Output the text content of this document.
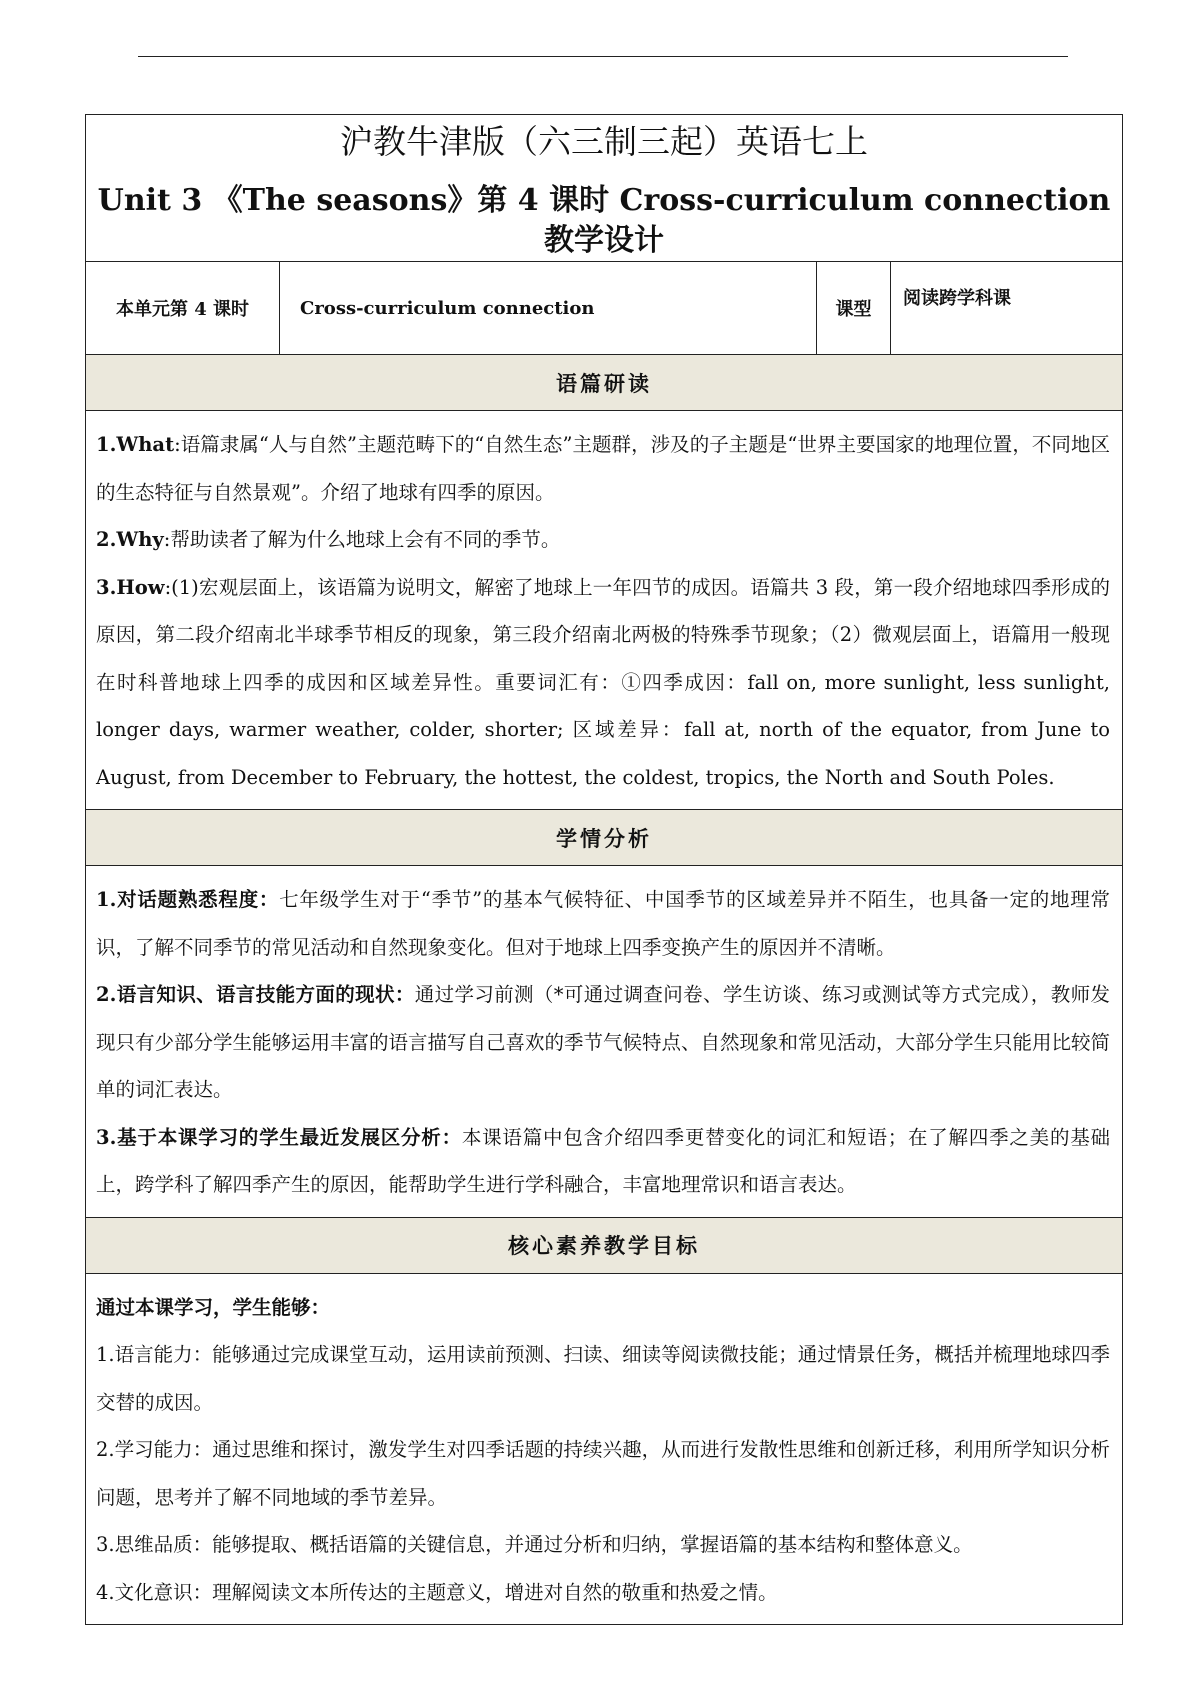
沪教牛津版（六三制三起）英语七上
Unit 3 《The seasons》第 4 课时 Cross-curriculum connection 教学设计

本单元第 4 课时	Cross-curriculum connection	课型	阅读跨学科课
语篇研读

1.What:语篇隶属“人与自然”主题范畴下的“自然生态”主题群，涉及的子主题是“世界主要国家的地理位置，不同地区的生态特征与自然景观”。介绍了地球有四季的原因。

2.Why:帮助读者了解为什么地球上会有不同的季节。

3.How:(1)宏观层面上，该语篇为说明文，解密了地球上一年四节的成因。语篇共 3 段，第一段介绍地球四季形成的原因，第二段介绍南北半球季节相反的现象，第三段介绍南北两极的特殊季节现象；（2）微观层面上，语篇用一般现在时科普地球上四季的成因和区域差异性。重要词汇有：①四季成因：fall on, more sunlight, less sunlight, longer days, warmer weather, colder, shorter; 区域差异：fall at, north of the equator, from June to August, from December to February, the hottest, the coldest, tropics, the North and South Poles.

学情分析

1.对话题熟悉程度：七年级学生对于“季节”的基本气候特征、中国季节的区域差异并不陌生，也具备一定的地理常识，了解不同季节的常见活动和自然现象变化。但对于地球上四季变换产生的原因并不清晰。

2.语言知识、语言技能方面的现状：通过学习前测（*可通过调查问卷、学生访谈、练习或测试等方式完成），教师发现只有少部分学生能够运用丰富的语言描写自己喜欢的季节气候特点、自然现象和常见活动，大部分学生只能用比较简单的词汇表达。

3.基于本课学习的学生最近发展区分析：本课语篇中包含介绍四季更替变化的词汇和短语；在了解四季之美的基础上，跨学科了解四季产生的原因，能帮助学生进行学科融合，丰富地理常识和语言表达。

核心素养教学目标

通过本课学习，学生能够：

1.语言能力：能够通过完成课堂互动，运用读前预测、扫读、细读等阅读微技能；通过情景任务，概括并梳理地球四季交替的成因。

2.学习能力：通过思维和探讨，激发学生对四季话题的持续兴趣，从而进行发散性思维和创新迁移，利用所学知识分析问题，思考并了解不同地域的季节差异。

3.思维品质：能够提取、概括语篇的关键信息，并通过分析和归纳，掌握语篇的基本结构和整体意义。

4.文化意识：理解阅读文本所传达的主题意义，增进对自然的敬重和热爱之情。
